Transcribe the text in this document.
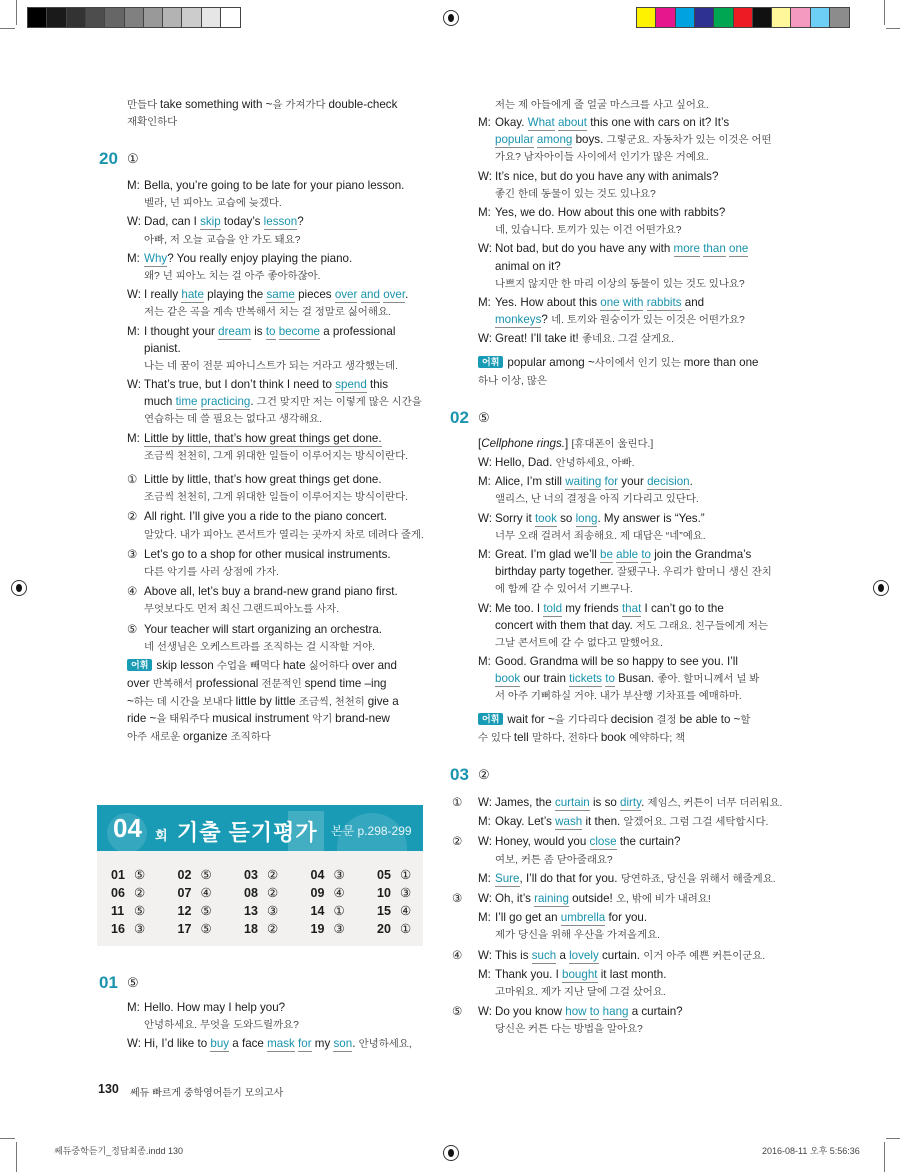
만들다 take something with ~을 가져가다 double-check
재확인하다
20 ①
M: Bella, you’re going to be late for your piano lesson.
벨라, 넌 피아노 교습에 늦겠다.
W: Dad, can I skip today’s lesson?
아빠, 저 오늘 교습을 안 가도 돼요?
M: Why? You really enjoy playing the piano.
왜? 넌 피아노 치는 걸 아주 좋아하잖아.
W: I really hate playing the same pieces over and over.
저는 같은 곡을 계속 반복해서 치는 걸 정말로 싫어해요.
M: I thought your dream is to become a professional
pianist.
나는 네 꿈이 전문 피아니스트가 되는 거라고 생각했는데.
W: That’s true, but I don’t think I need to spend this
much time practicing. 그건 맞지만 저는 이렇게 많은 시간을
연습하는 데 쓸 필요는 없다고 생각해요.
M: Little by little, that’s how great things get done.
조금씩 천천히, 그게 위대한 일들이 이루어지는 방식이란다.
① Little by little, that’s how great things get done.
조금씩 천천히, 그게 위대한 일들이 이루어지는 방식이란다.
② All right. I’ll give you a ride to the piano concert.
알았다. 내가 피아노 콘서트가 열리는 곳까지 차로 데려다 줄게.
③ Let’s go to a shop for other musical instruments.
다른 악기를 사러 상점에 가자.
④ Above all, let’s buy a brand-new grand piano first.
무엇보다도 먼저 최신 그랜드피아노를 사자.
⑤ Your teacher will start organizing an orchestra.
네 선생님은 오케스트라를 조직하는 걸 시작할 거야.
어휘 skip lesson 수업을 빼먹다 hate 싫어하다 over and
over 반복해서 professional 전문적인 spend time –ing
~하는 데 시간을 보내다 little by little 조금씩, 천천히 give a
ride ~을 태워주다 musical instrument 악기 brand-new
아주 새로운 organize 조직하다
04 회 기출 듣기평가 본문 p.298-299
01 ⑤	02 ⑤	03 ②	04 ③	05 ①
06 ②	07 ④	08 ②	09 ④	10 ③
11 ⑤	12 ⑤	13 ③	14 ①	15 ④
16 ③	17 ⑤	18 ②	19 ③	20 ①
01 ⑤
M: Hello. How may I help you?
안녕하세요. 무엇을 도와드릴까요?
W: Hi, I’d like to buy a face mask for my son. 안녕하세요,
130 쎄듀 빠르게 중학영어듣기 모의고사
저는 제 아들에게 줄 얼굴 마스크를 사고 싶어요.
M: Okay. What about this one with cars on it? It’s
popular among boys. 그렇군요. 자동차가 있는 이것은 어떤
가요? 남자아이들 사이에서 인기가 많은 거예요.
W: It’s nice, but do you have any with animals?
좋긴 한데 동물이 있는 것도 있나요?
M: Yes, we do. How about this one with rabbits?
네, 있습니다. 토끼가 있는 이건 어떤가요?
W: Not bad, but do you have any with more than one
animal on it?
나쁘지 않지만 한 마리 이상의 동물이 있는 것도 있나요?
M: Yes. How about this one with rabbits and
monkeys? 네. 토끼와 원숭이가 있는 이것은 어떤가요?
W: Great! I’ll take it! 좋네요. 그걸 살게요.
어휘 popular among ~사이에서 인기 있는 more than one
하나 이상, 많은
02 ⑤
[Cellphone rings.] [휴대폰이 울린다.]
W: Hello, Dad. 안녕하세요, 아빠.
M: Alice, I’m still waiting for your decision.
앨리스, 난 너의 결정을 아직 기다리고 있단다.
W: Sorry it took so long. My answer is “Yes.”
너무 오래 걸려서 죄송해요. 제 대답은 “네”예요.
M: Great. I’m glad we’ll be able to join the Grandma’s
birthday party together. 잘됐구나. 우리가 할머니 생신 잔치
에 함께 갈 수 있어서 기쁘구나.
W: Me too. I told my friends that I can’t go to the
concert with them that day. 저도 그래요. 친구들에게 저는
그날 콘서트에 갈 수 없다고 말했어요.
M: Good. Grandma will be so happy to see you. I’ll
book our train tickets to Busan. 좋아. 할머니께서 널 봐
서 아주 기뻐하실 거야. 내가 부산행 기차표를 예매하마.
어휘 wait for ~을 기다리다 decision 결정 be able to ~할
수 있다 tell 말하다, 전하다 book 예약하다; 책
03 ②
① W: James, the curtain is so dirty. 제임스, 커튼이 너무 더러워요.
M: Okay. Let’s wash it then. 알겠어요. 그럼 그걸 세탁합시다.
② W: Honey, would you close the curtain?
여보, 커튼 좀 닫아줄래요?
M: Sure, I’ll do that for you. 당연하죠, 당신을 위해서 해줄게요.
③ W: Oh, it’s raining outside! 오, 밖에 비가 내려요!
M: I’ll go get an umbrella for you.
제가 당신을 위해 우산을 가져올게요.
④ W: This is such a lovely curtain. 이거 아주 예쁜 커튼이군요.
M: Thank you. I bought it last month.
고마워요. 제가 지난 달에 그걸 샀어요.
⑤ W: Do you know how to hang a curtain?
당신은 커튼 다는 방법을 알아요?
쎄듀중학듣기_정답최종.indd 130	2016-08-11 오후 5:56:36
